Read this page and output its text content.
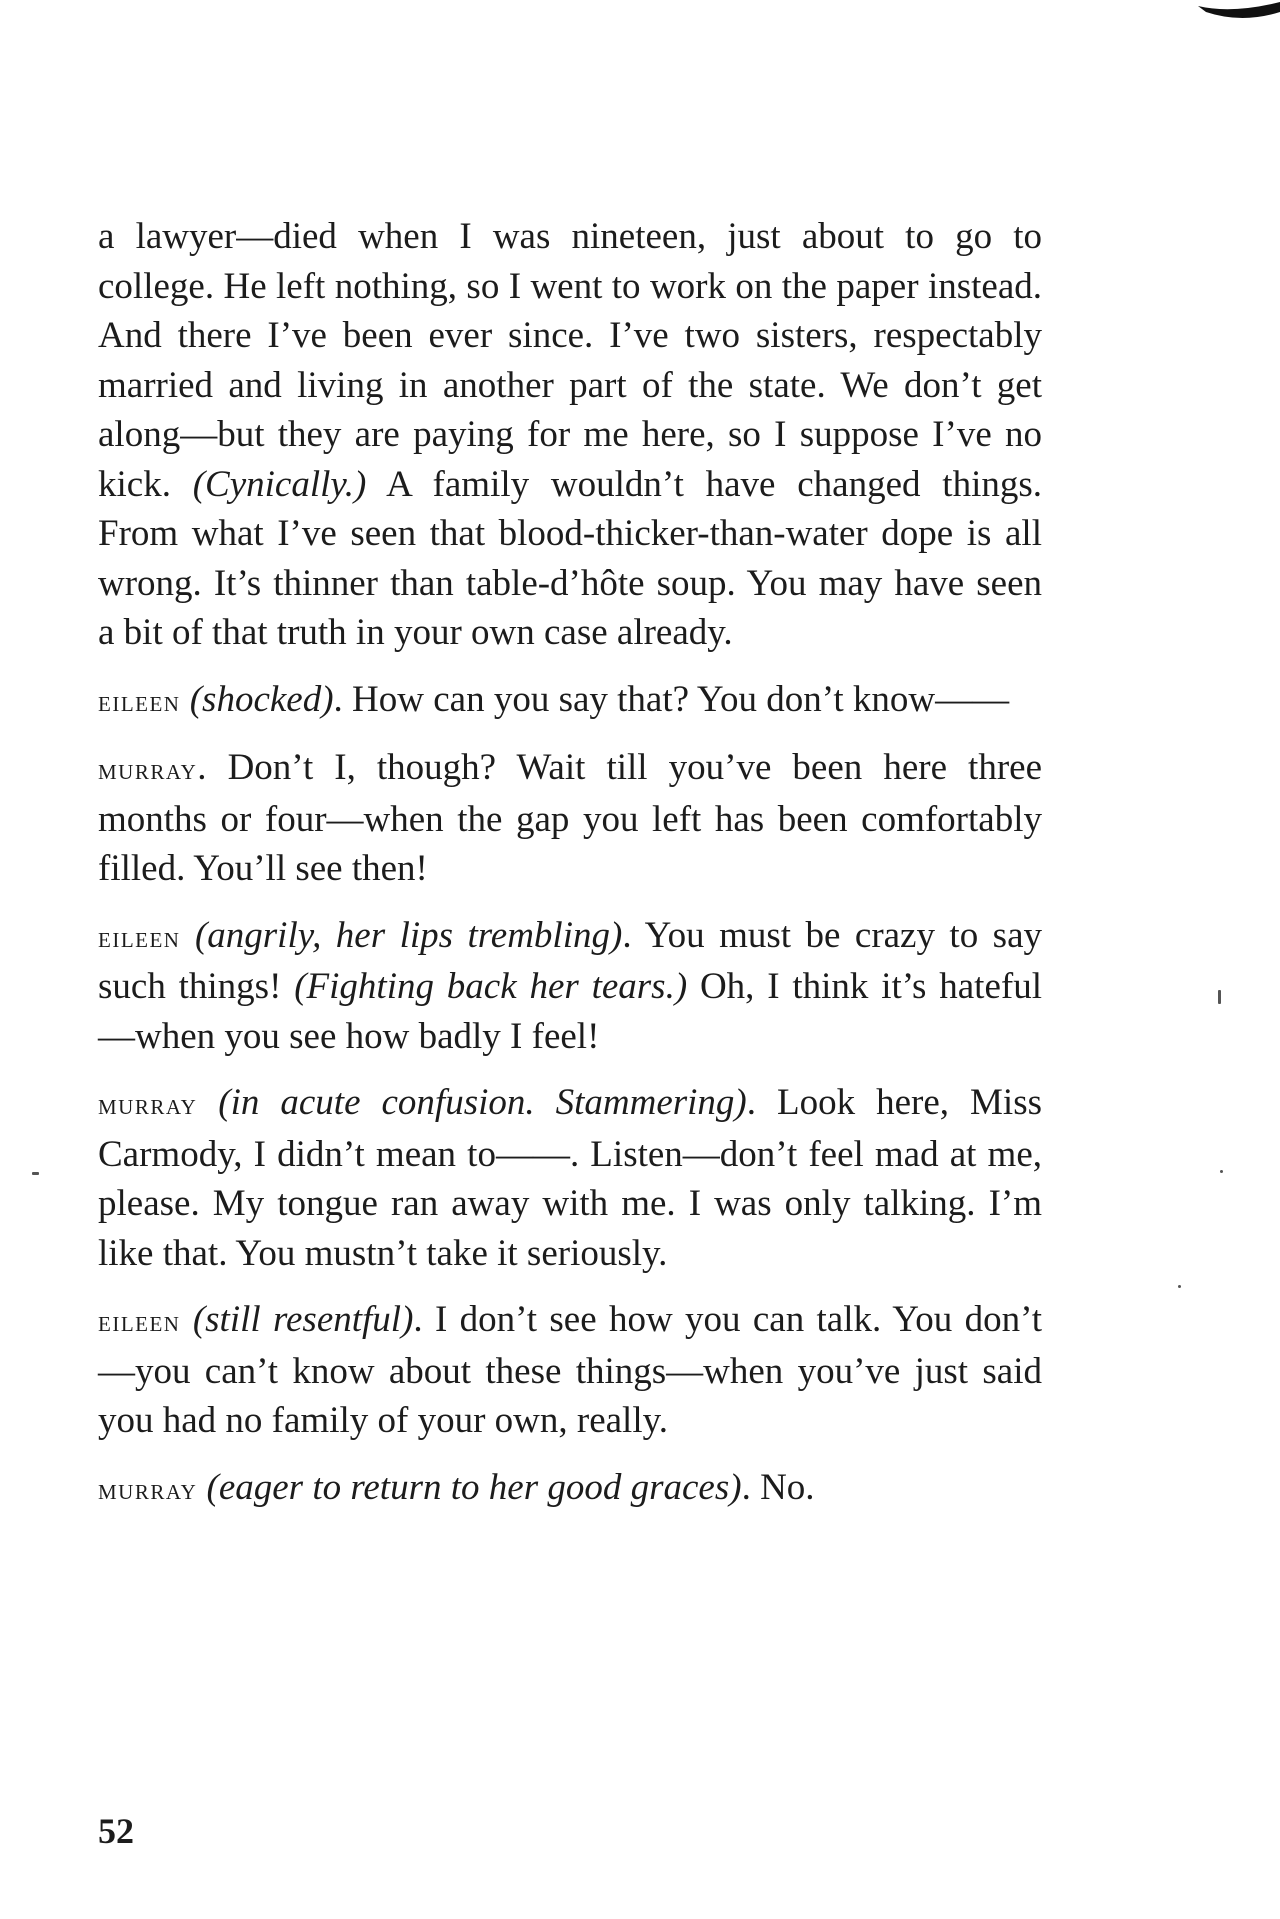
a lawyer—died when I was nineteen, just about to go to college. He left nothing, so I went to work on the paper instead. And there I’ve been ever since. I’ve two sisters, respectably married and living in another part of the state. We don’t get along—but they are paying for me here, so I suppose I’ve no kick. (Cynically.) A family wouldn’t have changed things. From what I’ve seen that blood-thicker-than-water dope is all wrong. It’s thinner than table-d’hôte soup. You may have seen a bit of that truth in your own case already.

eileen (shocked). How can you say that? You don’t know——

murray. Don’t I, though? Wait till you’ve been here three months or four—when the gap you left has been comfortably filled. You’ll see then!

eileen (angrily, her lips trembling). You must be crazy to say such things! (Fighting back her tears.) Oh, I think it’s hateful—when you see how badly I feel!

murray (in acute confusion. Stammering). Look here, Miss Carmody, I didn’t mean to——. Listen—don’t feel mad at me, please. My tongue ran away with me. I was only talking. I’m like that. You mustn’t take it seriously.

eileen (still resentful). I don’t see how you can talk. You don’t—you can’t know about these things—when you’ve just said you had no family of your own, really.

murray (eager to return to her good graces). No.

52
